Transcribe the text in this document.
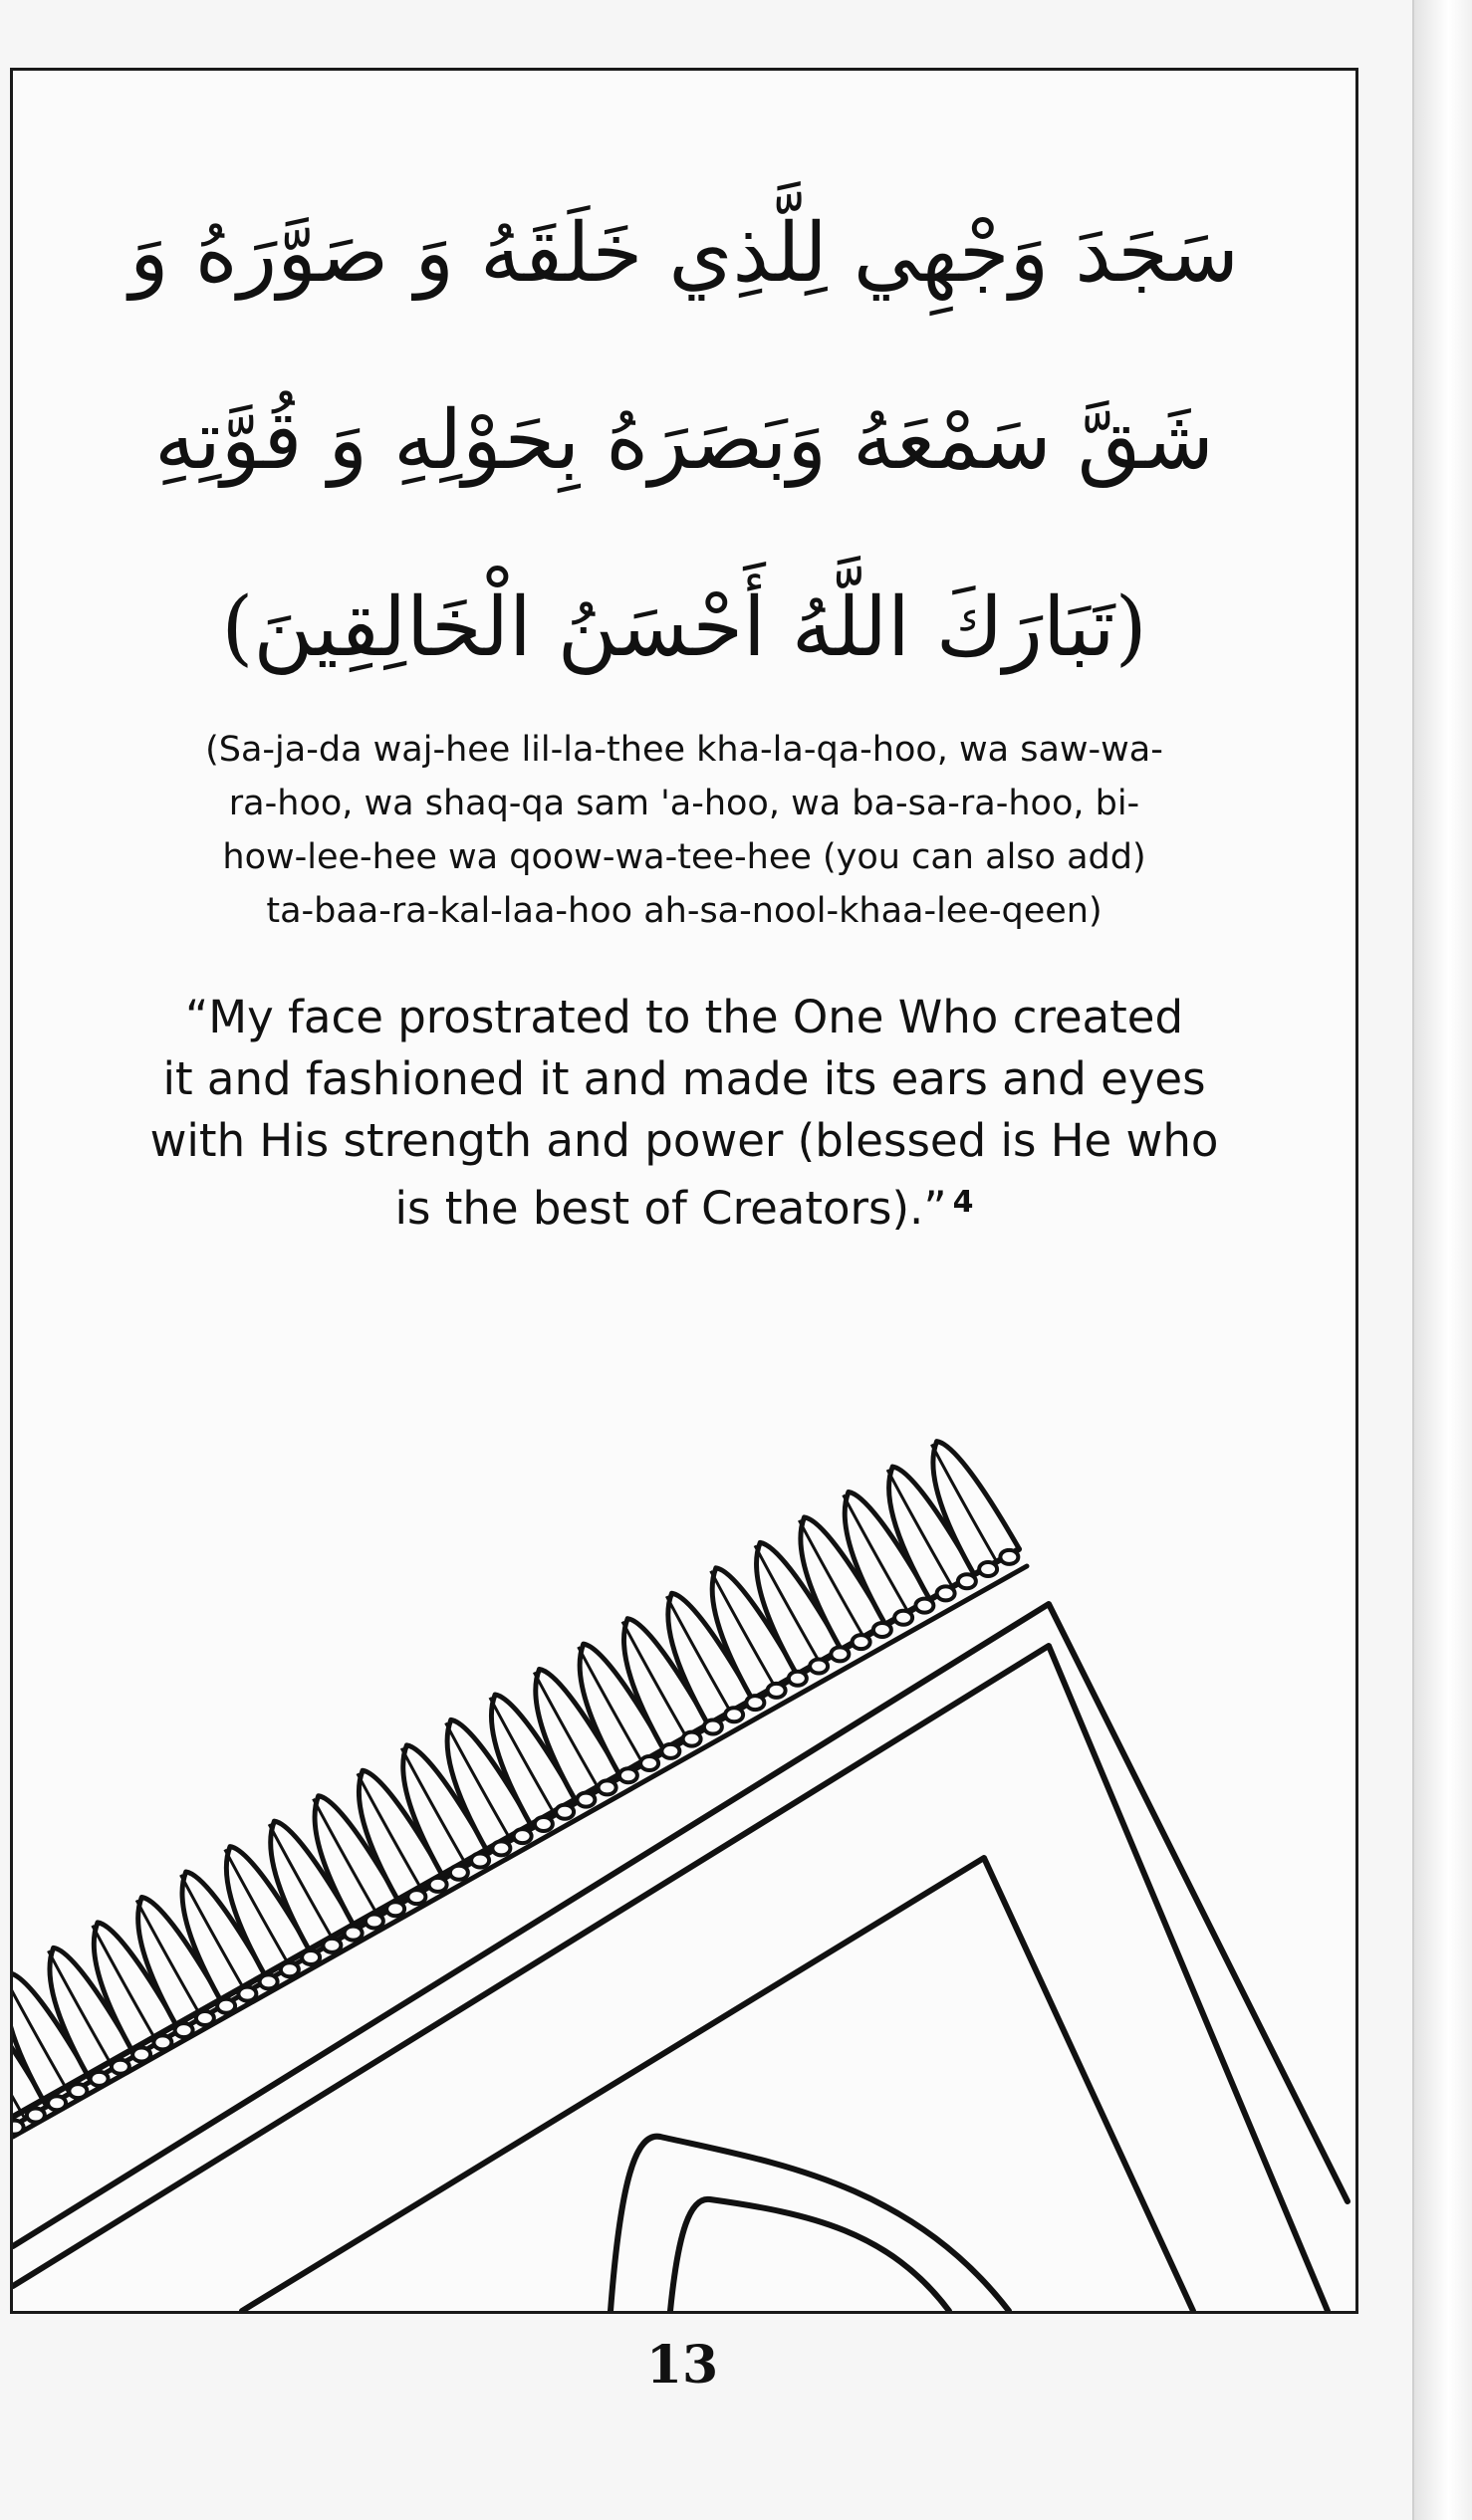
سَجَدَ وَجْهِي لِلَّذِي خَلَقَهُ وَ صَوَّرَهُ وَ
شَقَّ سَمْعَهُ وَبَصَرَهُ بِحَوْلِهِ وَ قُوَّتِهِ
(تَبَارَكَ اللَّهُ أَحْسَنُ الْخَالِقِينَ)
(Sa-ja-da waj-hee lil-la-thee kha-la-qa-hoo, wa saw-wa-
ra-hoo, wa shaq-qa sam 'a-hoo, wa ba-sa-ra-hoo, bi-
how-lee-hee wa qoow-wa-tee-hee (you can also add)
ta-baa-ra-kal-laa-hoo ah-sa-nool-khaa-lee-qeen)
“My face prostrated to the One Who created
it and fashioned it and made its ears and eyes
with His strength and power (blessed is He who
is the best of Creators).” $^4$
13
